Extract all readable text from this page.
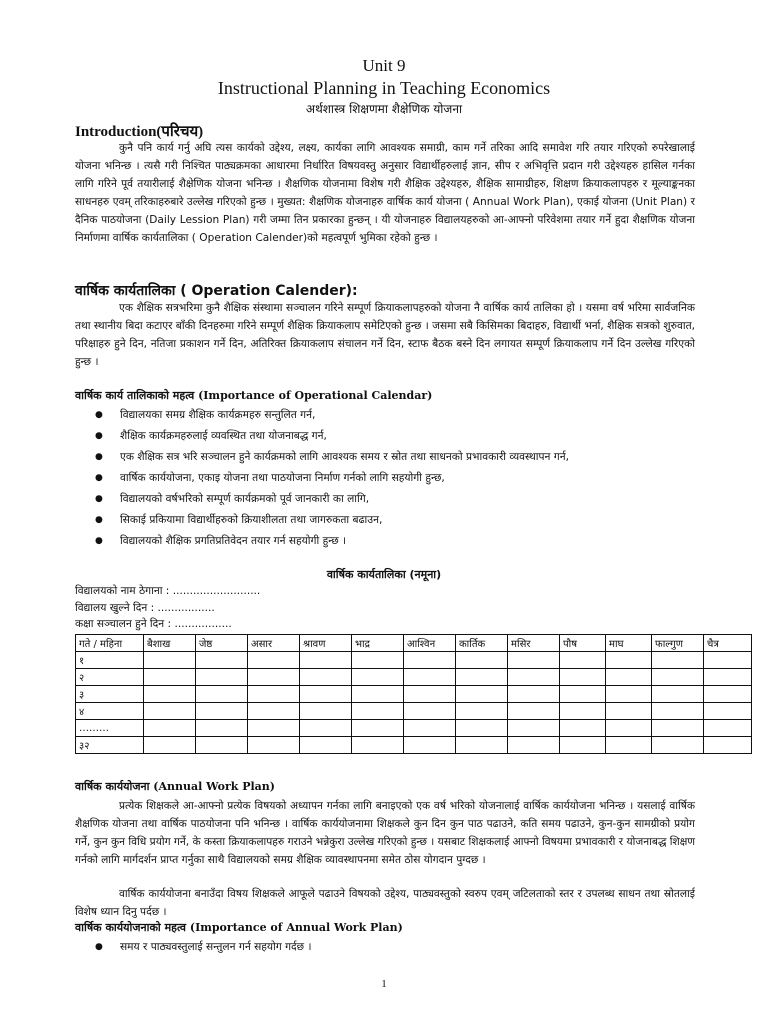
Unit 9
Instructional Planning in Teaching Economics
अर्थशास्त्र शिक्षणमा शैक्षेणिक योजना
Introduction(परिचय)
कुनै पनि कार्य गर्नु अघि त्यस कार्यको उद्देश्य, लक्ष्य, कार्यका लागि आवश्यक समाग्री, काम गर्ने तरिका आदि समावेश गरि तयार गरिएको रुपरेखालाई योजना भनिन्छ । त्यसै गरी निश्चित पाठ्यक्रमका आधारमा निर्धारित विषयवस्तु अनुसार विद्यार्थीहरुलाई ज्ञान, सीप र अभिवृत्ति प्रदान गरी उद्देश्यहरु हासिल गर्नका लागि गरिने पूर्व तयारीलाई शैक्षेणिक योजना भनिन्छ । शैक्षणिक योजनामा विशेष गरी शैक्षिक उद्देश्यहरु, शैक्षिक सामाग्रीहरु, शिक्षण क्रियाकलापहरु र मूल्याङ्कनका साधनहरु एवम् तरिकाहरुबारे उल्लेख गरिएको हुन्छ । मुख्यत: शैक्षणिक योजनाहरु वार्षिक कार्य योजना ( Annual Work Plan), एकाई योजना (Unit Plan) र दैनिक पाठयोजना (Daily Lession Plan) गरी जम्मा तिन प्रकारका हुन्छन् । यी योजनाहरु विद्यालयहरुको आ-आफ्नो परिवेशमा तयार गर्ने हुदा शैक्षणिक योजना निर्माणमा वार्षिक कार्यतालिका ( Operation Calender)को महत्वपूर्ण भुमिका रहेको हुन्छ ।
वार्षिक कार्यतालिका ( Operation Calender):
एक शैक्षिक सत्रभरिमा कुनै शैक्षिक संस्थामा सञ्चालन गरिने सम्पूर्ण क्रियाकलापहरुको योजना नै वार्षिक कार्य तालिका हो । यसमा वर्ष भरिमा सार्वजनिक तथा स्थानीय बिदा कटाएर बाँकी दिनहरुमा गरिने सम्पूर्ण शैक्षिक क्रियाकलाप समेटिएको हुन्छ । जसमा सबै किसिमका बिदाहरु, विद्यार्थी भर्ना, शैक्षिक सत्रको शुरुवात, परिक्षाहरु हुने दिन, नतिजा प्रकाशन गर्ने दिन, अतिरिक्त क्रियाकलाप संचालन गर्ने दिन, स्टाफ बैठक बस्ने दिन लगायत सम्पूर्ण क्रियाकलाप गर्ने दिन उल्लेख गरिएको हुन्छ ।
वार्षिक कार्य तालिकाको महत्व (Importance of Operational Calendar)
● विद्यालयका समग्र शैक्षिक कार्यक्रमहरु सन्तुलित गर्न,
● शैक्षिक कार्यक्रमहरुलाई व्यवस्थित तथा योजनाबद्ध गर्न,
● एक शैक्षिक सत्र भरि सञ्चालन हुने कार्यक्रमको लागि आवश्यक समय र स्रोत तथा साधनको प्रभावकारी व्यवस्थापन गर्न,
● वार्षिक कार्ययोजना, एकाइ योजना तथा पाठयोजना निर्माण गर्नको लागि सहयोगी हुन्छ,
● विद्यालयको वर्षभरिको सम्पूर्ण कार्यक्रमको पूर्व जानकारी का लागि,
● सिकाई प्रकियामा विद्यार्थीहरुको क्रियाशीलता तथा जागरुकता बढाउन,
● विद्यालयको शैक्षिक प्रगतिप्रतिवेदन तयार गर्न सहयोगी हुन्छ ।
वार्षिक कार्यतालिका (नमूना)
विद्यालयको नाम ठेगाना : ..........................
विद्यालय खुल्ने दिन : .................
कक्षा सञ्चालन हुने दिन : .................
गते / महिना	बैशाख	जेष्ठ	असार	श्रावण	भाद्र	आश्विन	कार्तिक	मसिर	पौष	माघ	फाल्गुण	चैत्र
१												
२												
३												
४												
………												
३२												
वार्षिक कार्ययोजना (Annual Work Plan)
प्रत्येक शिक्षकले आ-आफ्नो प्रत्येक विषयको अध्यापन गर्नका लागि बनाइएको एक वर्ष भरिको योजनालाई वार्षिक कार्ययोजना भनिन्छ । यसलाई वार्षिक शैक्षणिक योजना तथा वार्षिक पाठयोजना पनि भनिन्छ । वार्षिक कार्ययोजनामा शिक्षकले कुन दिन कुन पाठ पढाउने, कति समय पढाउने, कुन-कुन सामग्रीको प्रयोग गर्ने, कुन कुन विधि प्रयोग गर्ने, के कस्ता क्रियाकलापहरु गराउने भन्नेकुरा उल्लेख गरिएको हुन्छ । यसबाट शिक्षकलाई आफ्नो विषयमा प्रभावकारी र योजनाबद्ध शिक्षण गर्नको लागि मार्गदर्शन प्राप्त गर्नुका साथै विद्यालयको समग्र शैक्षिक व्यावस्थापनमा समेत ठोस योगदान पुग्दछ ।
वार्षिक कार्ययोजना बनाउँदा विषय शिक्षकले आफूले पढाउने विषयको उद्देश्य, पाठ्यवस्तुको स्वरुप एवम् जटिलताको स्तर र उपलब्ध साधन तथा स्रोतलाई विशेष ध्यान दिनु पर्दछ ।
वार्षिक कार्ययोजनाको महत्व (Importance of Annual Work Plan)
● समय र पाठ्यवस्तुलाई सन्तुलन गर्न सहयोग गर्दछ ।
1
